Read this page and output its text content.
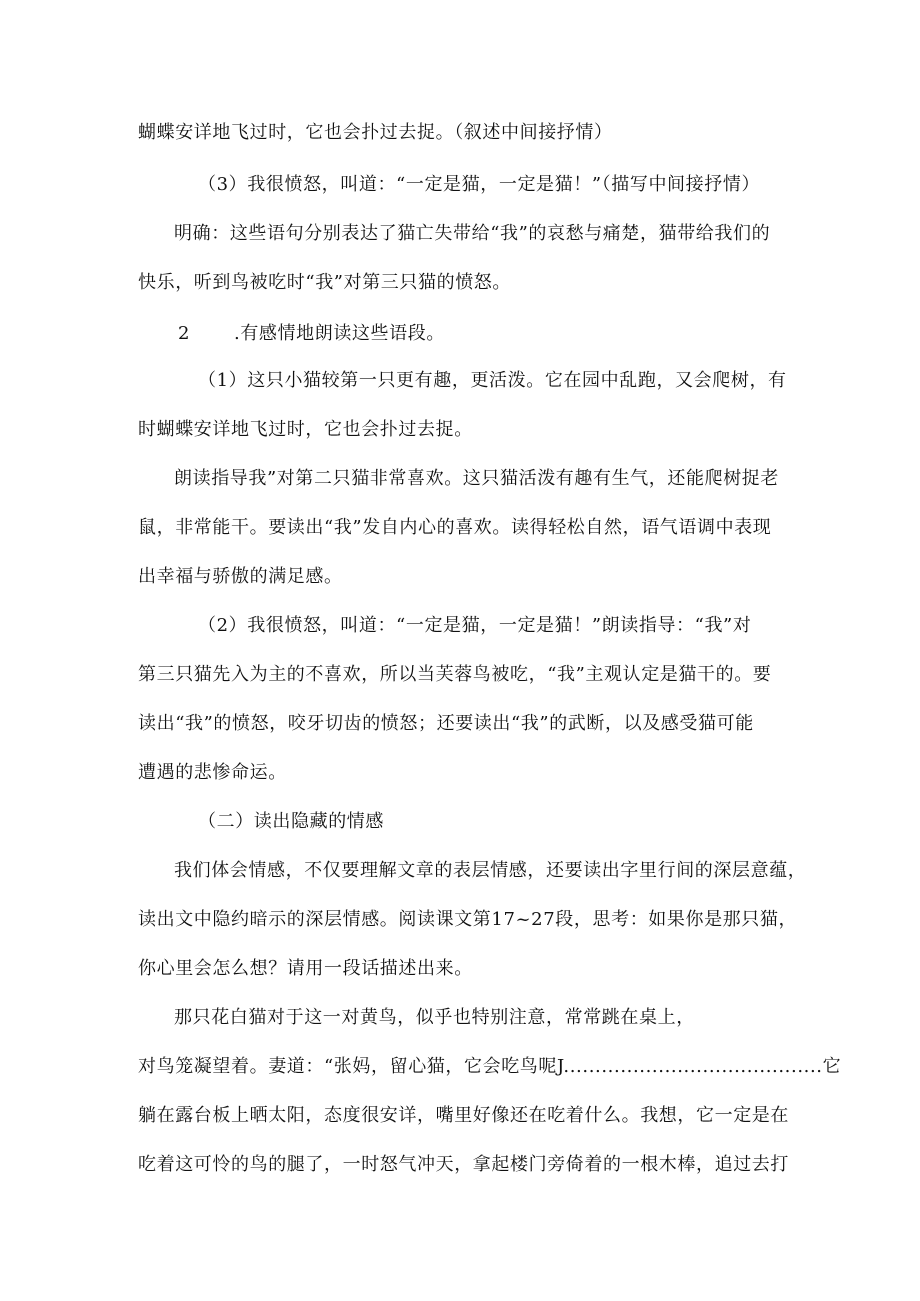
蝴蝶安详地飞过时，它也会扑过去捉。（叙述中间接抒情）
（3）我很愤怒，叫道：“一定是猫，一定是猫！”（描写中间接抒情）
明确：这些语句分别表达了猫亡失带给“我”的哀愁与痛楚，猫带给我们的
快乐，听到鸟被吃时“我”对第三只猫的愤怒。
2 .有感情地朗读这些语段。
（1）这只小猫较第一只更有趣，更活泼。它在园中乱跑，又会爬树，有
时蝴蝶安详地飞过时，它也会扑过去捉。
朗读指导我”对第二只猫非常喜欢。这只猫活泼有趣有生气，还能爬树捉老
鼠，非常能干。要读出“我”发自内心的喜欢。读得轻松自然，语气语调中表现
出幸福与骄傲的满足感。
（2）我很愤怒，叫道：“一定是猫，一定是猫！”朗读指导：“我”对
第三只猫先入为主的不喜欢，所以当芙蓉鸟被吃，“我”主观认定是猫干的。要
读出“我”的愤怒，咬牙切齿的愤怒；还要读出“我”的武断，以及感受猫可能
遭遇的悲惨命运。
（二）读出隐藏的情感
我们体会情感，不仅要理解文章的表层情感，还要读出字里行间的深层意蕴，
读出文中隐约暗示的深层情感。阅读课文第17~27段，思考：如果你是那只猫，
你心里会怎么想？请用一段话描述出来。
那只花白猫对于这一对黄鸟，似乎也特别注意，常常跳在桌上，
对鸟笼凝望着。妻道：“张妈，留心猫，它会吃鸟呢J.........................................它
躺在露台板上晒太阳，态度很安详，嘴里好像还在吃着什么。我想，它一定是在
吃着这可怜的鸟的腿了，一时怒气冲天，拿起楼门旁倚着的一根木棒，追过去打
